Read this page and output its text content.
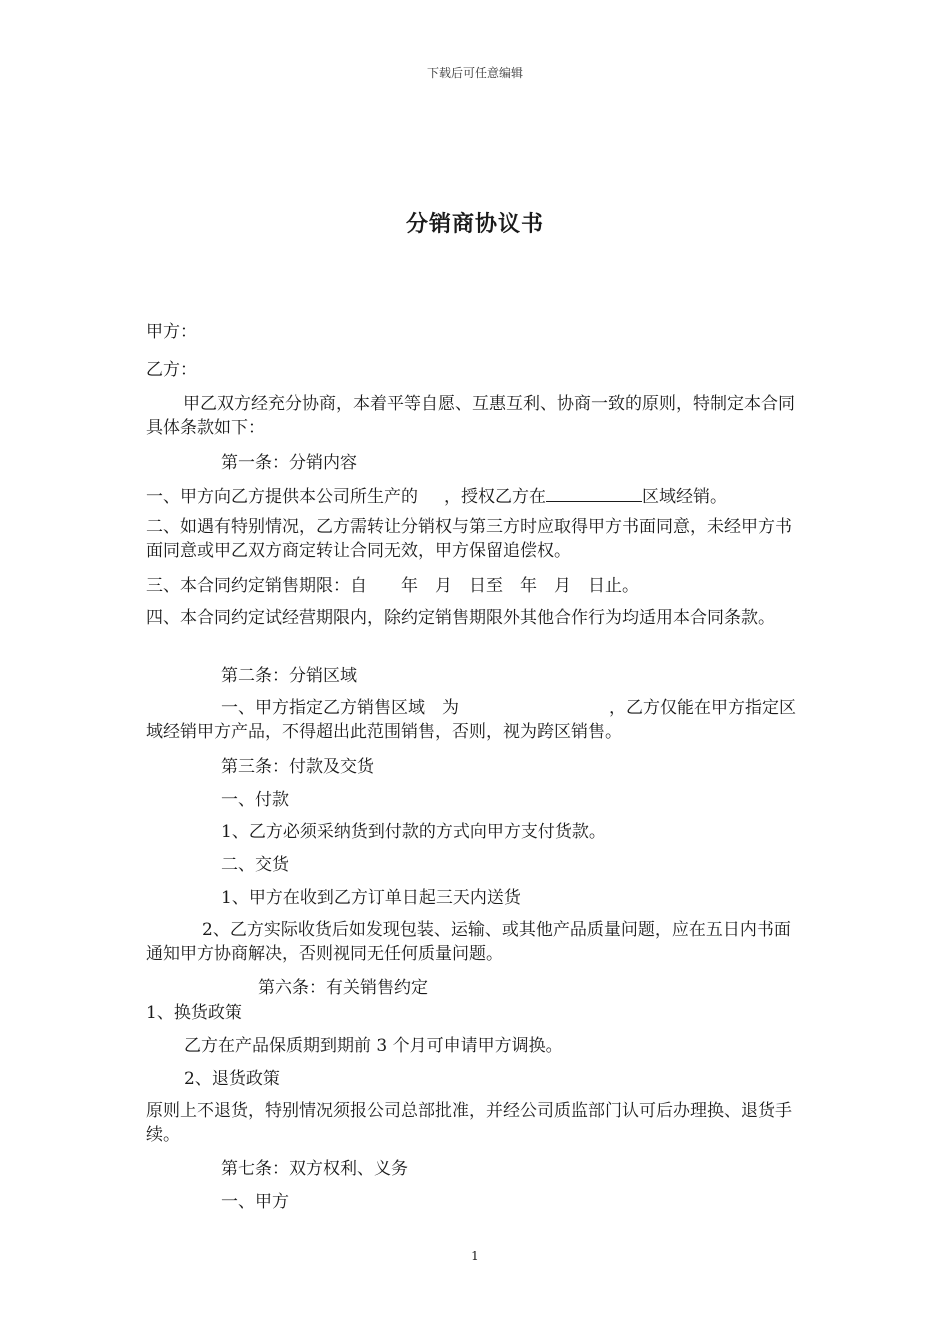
下载后可任意编辑
分销商协议书
甲方：
乙方：
甲乙双方经充分协商，本着平等自愿、互惠互利、协商一致的原则，特制定本合同具体条款如下：
第一条：分销内容
一、甲方向乙方提供本公司所生产的 ，授权乙方在	区域经销。
二、如遇有特别情况，乙方需转让分销权与第三方时应取得甲方书面同意，未经甲方书面同意或甲乙双方商定转让合同无效，甲方保留追偿权。
三、本合同约定销售期限：自　　年　月　日至　年　月　日止。
四、本合同约定试经营期限内，除约定销售期限外其他合作行为均适用本合同条款。
第二条：分销区域
一、甲方指定乙方销售区域　为	，乙方仅能在甲方指定区域经销甲方产品，不得超出此范围销售，否则，视为跨区销售。
第三条：付款及交货
一、付款
1、乙方必须采纳货到付款的方式向甲方支付货款。
二、交货
1、甲方在收到乙方订单日起三天内送货
2、乙方实际收货后如发现包装、运输、或其他产品质量问题，应在五日内书面通知甲方协商解决，否则视同无任何质量问题。
第六条：有关销售约定
1、换货政策
乙方在产品保质期到期前 3 个月可申请甲方调换。
2、退货政策
原则上不退货，特别情况须报公司总部批准，并经公司质监部门认可后办理换、退货手续。
第七条：双方权利、义务
一、甲方
1
